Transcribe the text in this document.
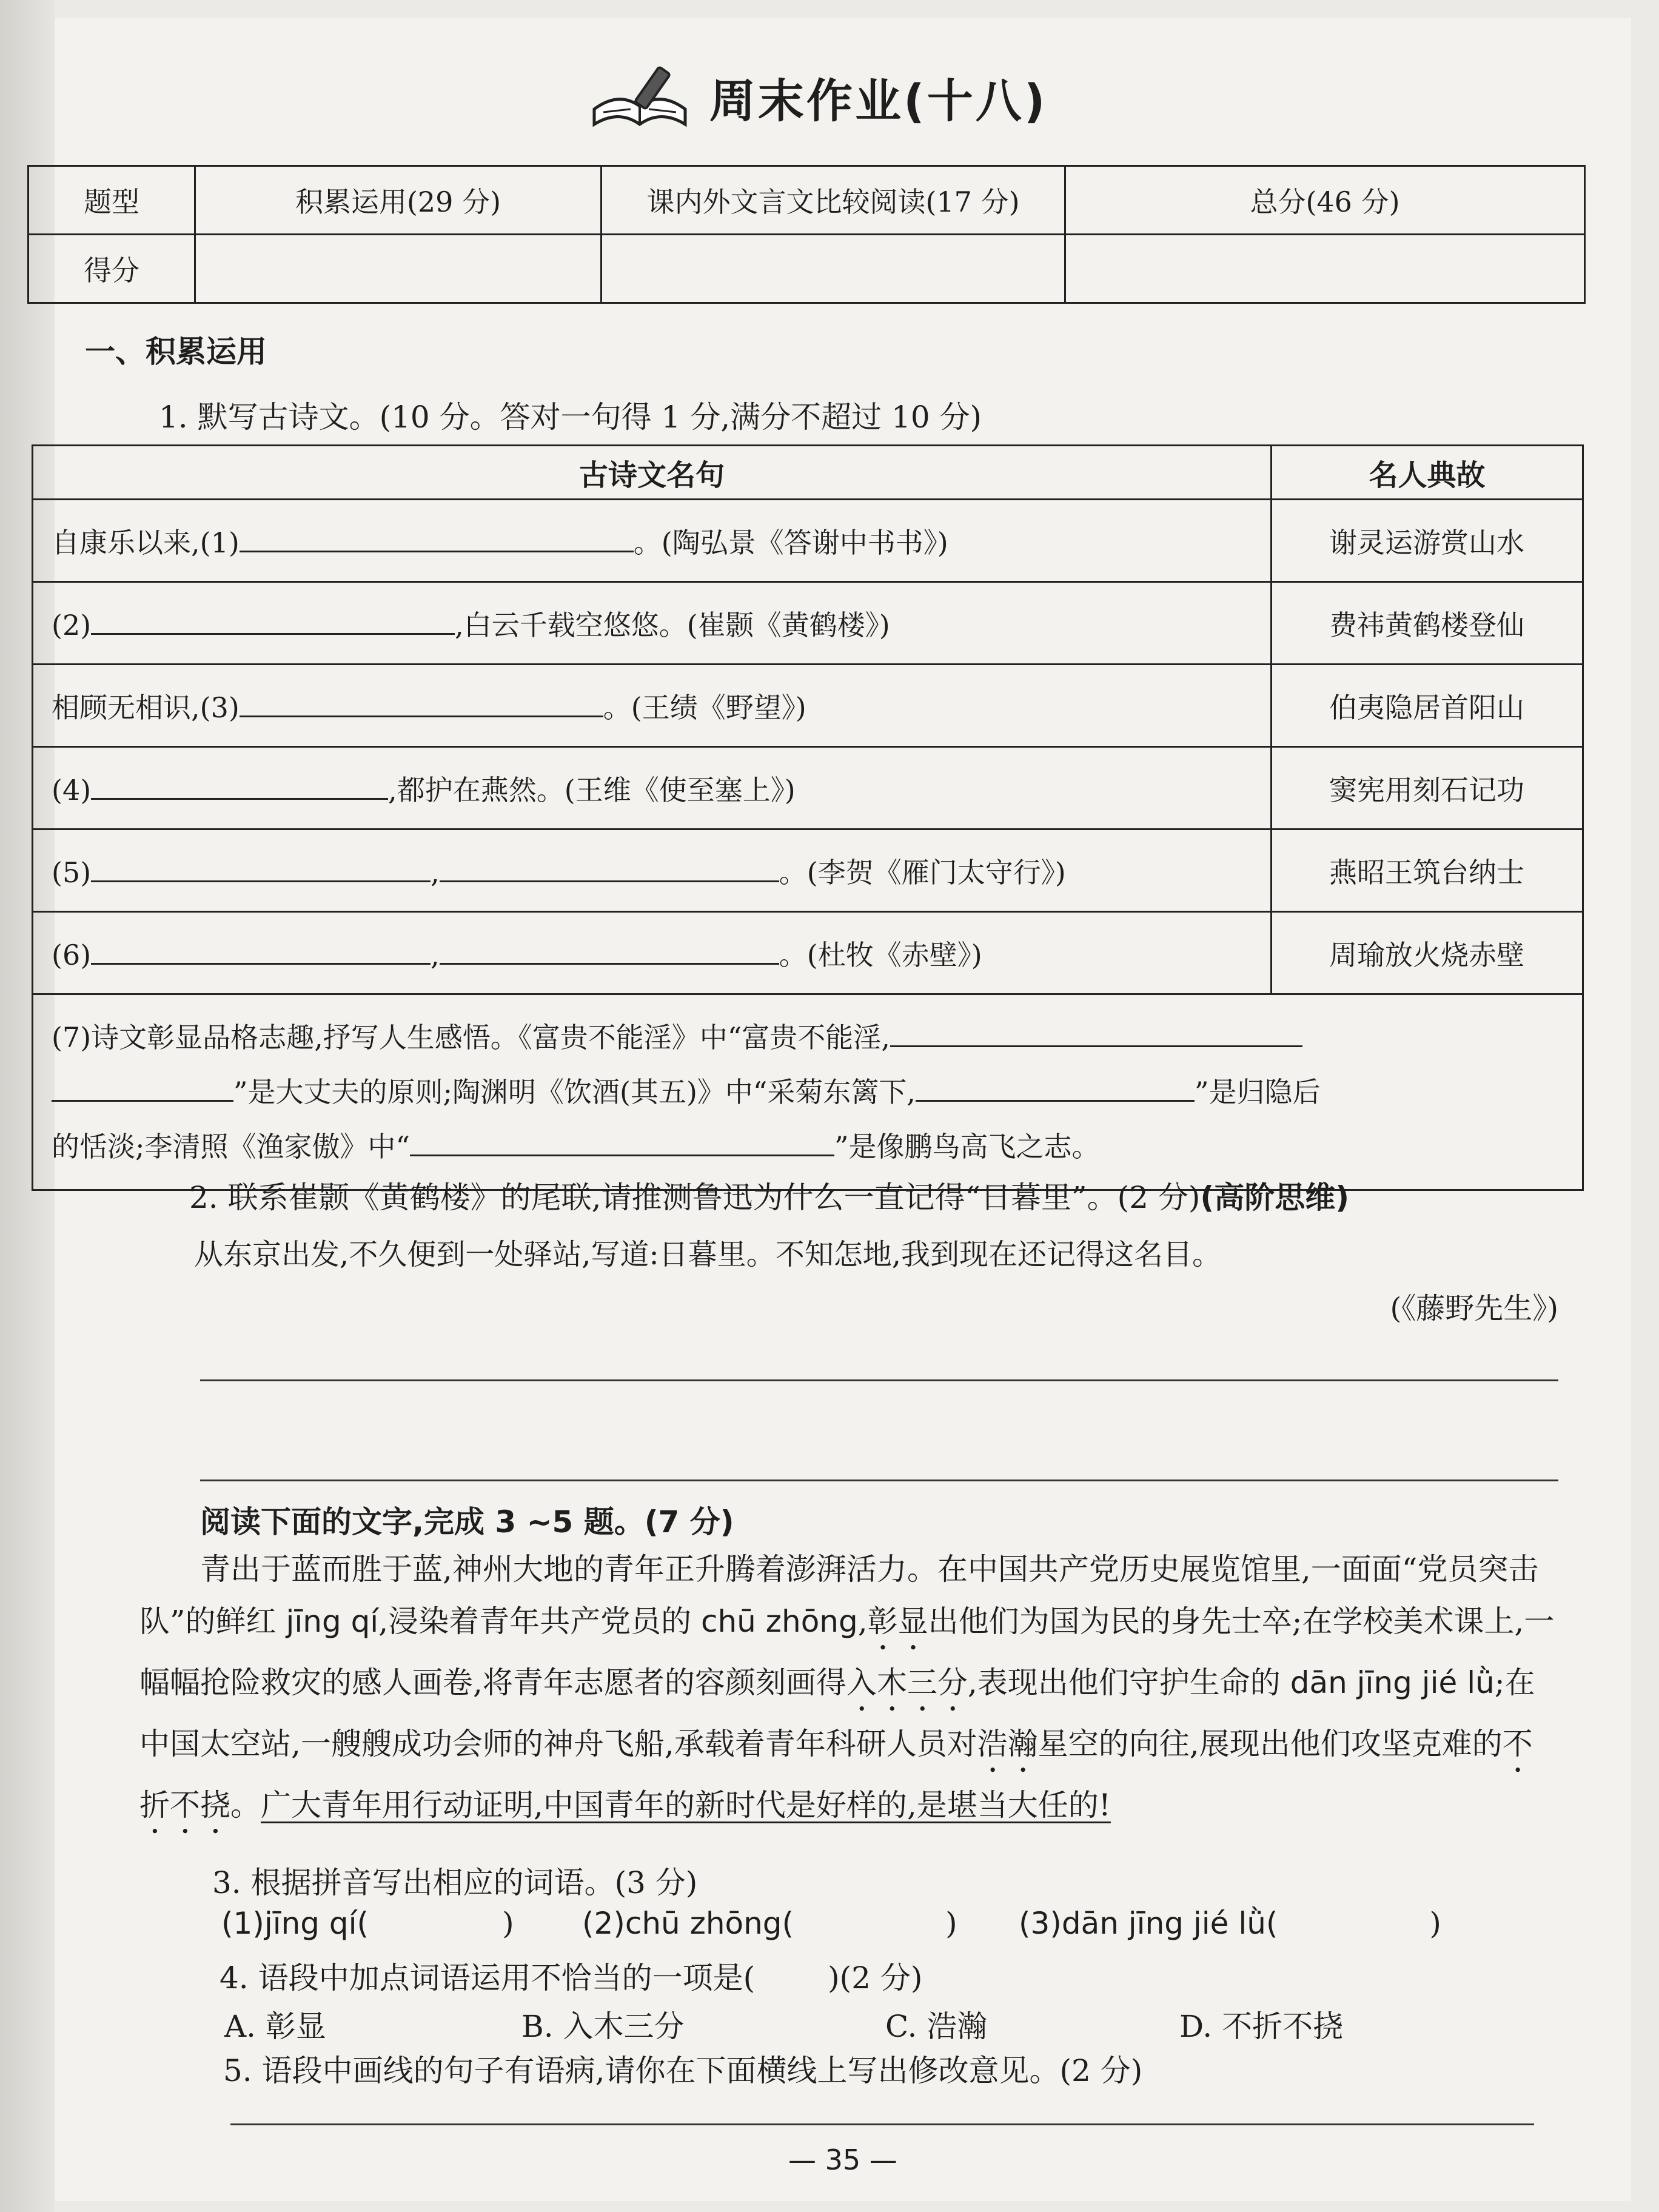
周末作业(十八)
题型	积累运用(29 分)	课内外文言文比较阅读(17 分)	总分(46 分)
得分			
一、积累运用
1. 默写古诗文。(10 分。答对一句得 1 分,满分不超过 10 分)
古诗文名句	名人典故
自康乐以来,(1) 。(陶弘景《答谢中书书》)	谢灵运游赏山水
(2) ,白云千载空悠悠。(崔颢《黄鹤楼》)	费祎黄鹤楼登仙
相顾无相识,(3) 。(王绩《野望》)	伯夷隐居首阳山
(4) ,都护在燕然。(王维《使至塞上》)	窦宪用刻石记功
(5) , 。(李贺《雁门太守行》)	燕昭王筑台纳士
(6) , 。(杜牧《赤壁》)	周瑜放火烧赤壁
(7)诗文彰显品格志趣,抒写人生感悟。《富贵不能淫》中“富贵不能淫,
”是大丈夫的原则;陶渊明《饮酒(其五)》中“采菊东篱下, ”是归隐后
的恬淡;李清照《渔家傲》中“ ”是像鹏鸟高飞之志。	
2. 联系崔颢《黄鹤楼》的尾联,请推测鲁迅为什么一直记得“日暮里”。(2 分)(高阶思维)
从东京出发,不久便到一处驿站,写道:日暮里。不知怎地,我到现在还记得这名目。
(《藤野先生》)
阅读下面的文字,完成 3 ~5 题。(7 分)
青出于蓝而胜于蓝,神州大地的青年正升腾着澎湃活力。在中国共产党历史展览馆里,一面面“党员突击队”的鲜红 jīng qí,浸染着青年共产党员的 chū zhōng,彰显出他们为国为民的身先士卒;在学校美术课上,一幅幅抢险救灾的感人画卷,将青年志愿者的容颜刻画得入木三分,表现出他们守护生命的 dān jīng jié lǜ;在中国太空站,一艘艘成功会师的神舟飞船,承载着青年科研人员对浩瀚星空的向往,展现出他们攻坚克难的不折不挠。广大青年用行动证明,中国青年的新时代是好样的,是堪当大任的!
3. 根据拼音写出相应的词语。(3 分)
(1)jīng qí(	) (2)chū zhōng(	) (3)dān jīng jié lǜ(	)
4. 语段中加点词语运用不恰当的一项是( )(2 分)
A. 彰显	B. 入木三分	C. 浩瀚	D. 不折不挠
5. 语段中画线的句子有语病,请你在下面横线上写出修改意见。(2 分)
— 35 —
